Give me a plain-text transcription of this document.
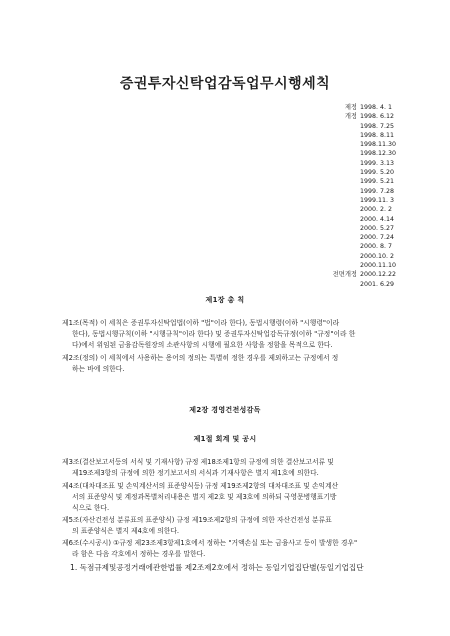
증권투자신탁업감독업무시행세칙
제정 1998. 4. 1
개정 1998. 6.12
1998. 7.25
1998. 8.11
1998.11.30
1998.12.30
1999. 3.13
1999. 5.20
1999. 5.21
1999. 7.28
1999.11. 3
2000. 2. 2
2000. 4.14
2000. 5.27
2000. 7.24
2000. 8. 7
2000.10. 2
2000.11.10
전면개정 2000.12.22
2001. 6.29
제1장 총 칙
제1조(목적) 이 세칙은 증권투자신탁업법(이하 "법"이라 한다), 동법시행령(이하 "시행령"이라
한다), 동법시행규칙(이하 "시행규칙"이라 한다) 및 증권투자신탁업감독규정(이하 "규정"이라 한
다)에서 위임된 금융감독원장의 소관사항의 시행에 필요한 사항을 정함을 목적으로 한다.
제2조(정의) 이 세칙에서 사용하는 용어의 정의는 특별히 정한 경우를 제외하고는 규정에서 정
하는 바에 의한다.
제2장 경영건전성감독
제1절 회계 및 공시
제3조(결산보고서등의 서식 및 기재사항) 규정 제18조제1항의 규정에 의한 결산보고서류 및
제19조제3항의 규정에 의한 정기보고서의 서식과 기재사항은 별지 제1호에 의한다.
제4조(대차대조표 및 손익계산서의 표준양식등) 규정 제19조제2항의 대차대조표 및 손익계산
서의 표준양식 및 계정과목별처리내용은 별지 제2호 및 제3호에 의하되 국영문병행표기방
식으로 한다.
제5조(자산건전성 분류표의 표준양식) 규정 제19조제2항의 규정에 의한 자산건전성 분류표
의 표준양식은 별지 제4호에 의한다.
제6조(수시공시) ①규정 제23조제3항제1호에서 정하는 "거액손실 또는 금융사고 등이 발생한 경우"
라 함은 다음 각호에서 정하는 경우를 말한다.
1. 독점규제및공정거래에관한법률 제2조제2호에서 정하는 동일기업집단별(동일기업집단
